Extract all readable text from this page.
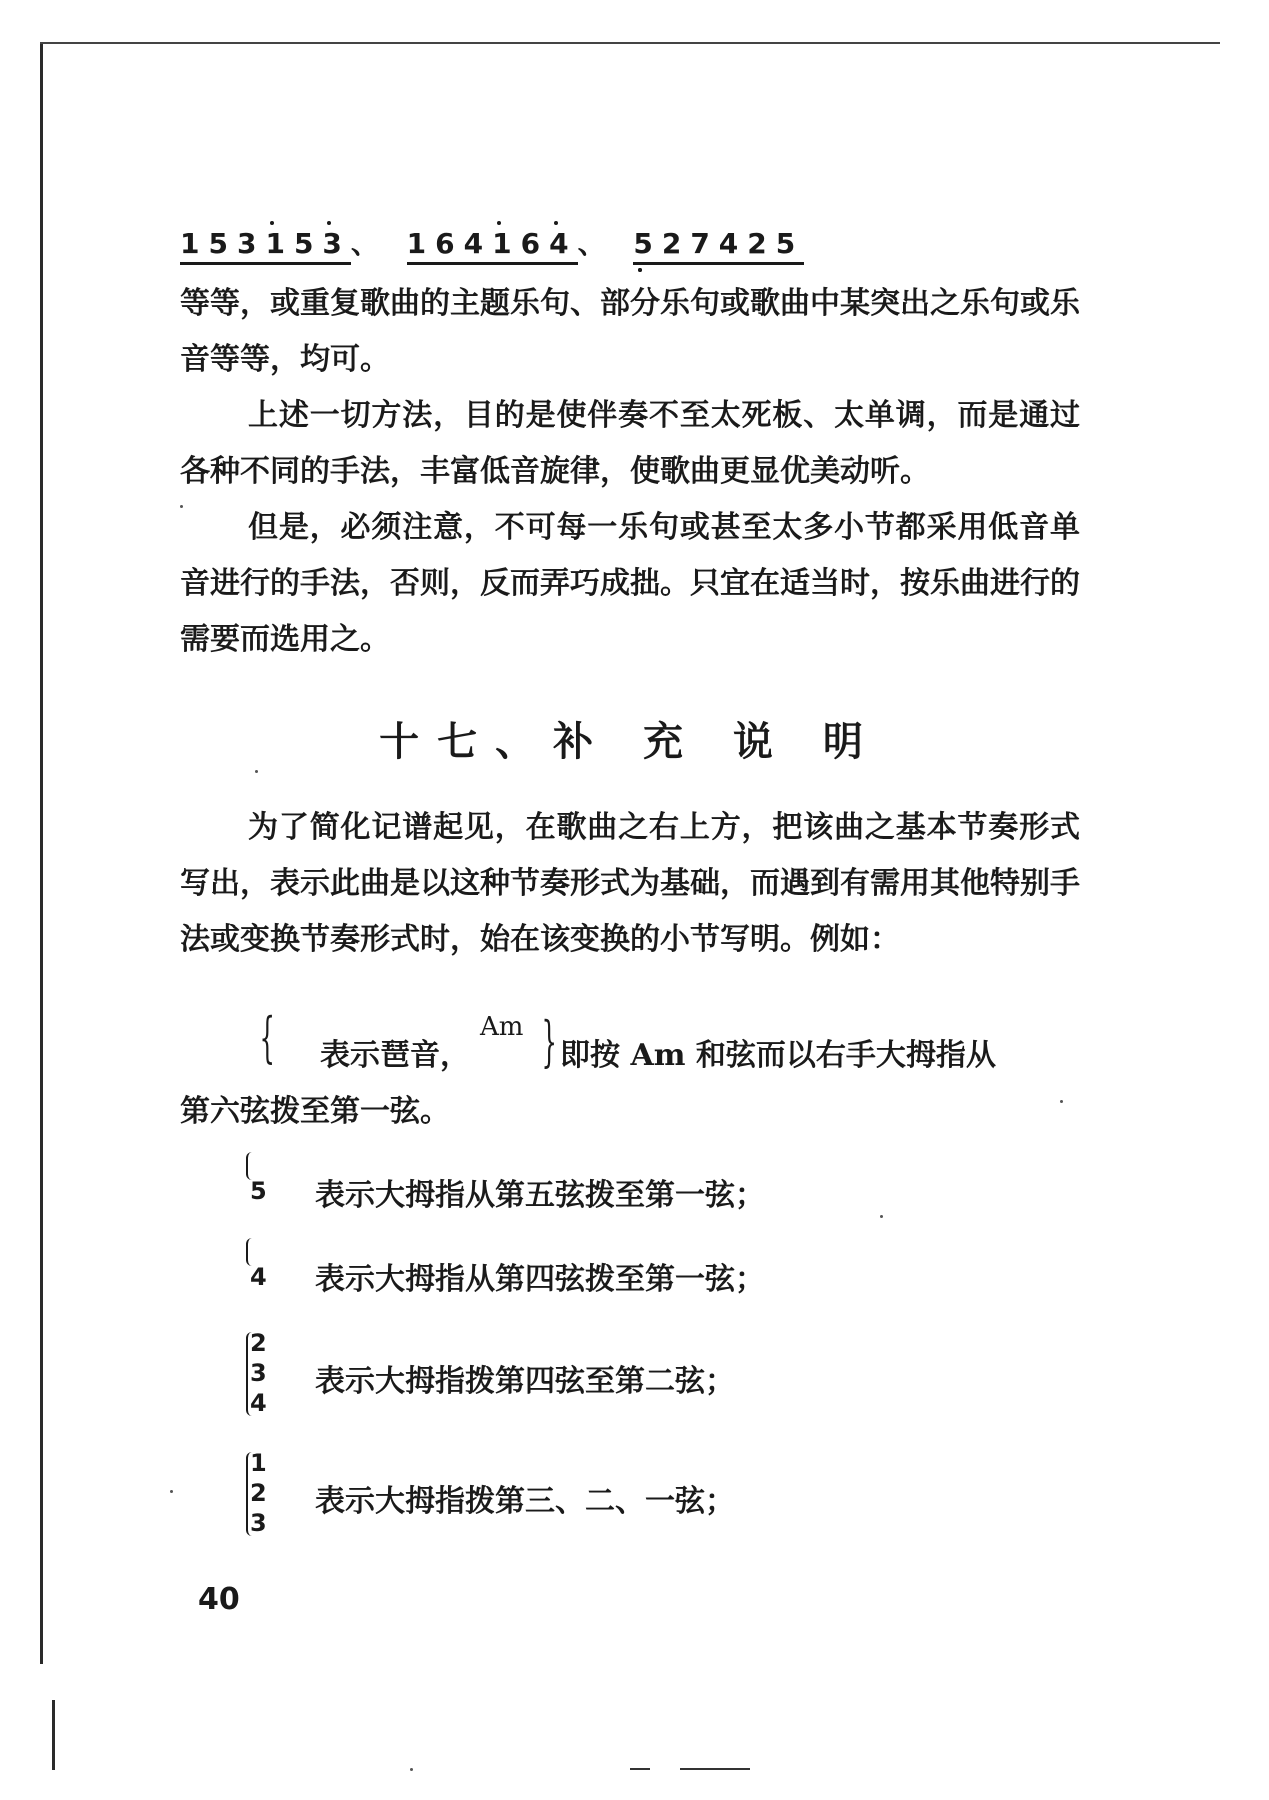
153153、 164164、 527425

等等，或重复歌曲的主题乐句、部分乐句或歌曲中某突出之乐句或乐音等等，均可。

上述一切方法，目的是使伴奏不至太死板、太单调，而是通过各种不同的手法，丰富低音旋律，使歌曲更显优美动听。

但是，必须注意，不可每一乐句或甚至太多小节都采用低音单音进行的手法，否则，反而弄巧成拙。只宜在适当时，按乐曲进行的需要而选用之。

十七、补 充 说 明

为了简化记谱起见，在歌曲之右上方，把该曲之基本节奏形式写出，表示此曲是以这种节奏形式为基础，而遇到有需用其他特别手法或变换节奏形式时，始在该变换的小节写明。例如：

{ 表示琶音，
Am } 即按 Am 和弦而以右手大拇指从
第六弦拨至第一弦。
5	表示大拇指从第五弦拨至第一弦；
4	表示大拇指从第四弦拨至第一弦；
2
3
4
表示大拇指拨第四弦至第二弦；
1
2
3
表示大拇指拨第三、二、一弦；
40
